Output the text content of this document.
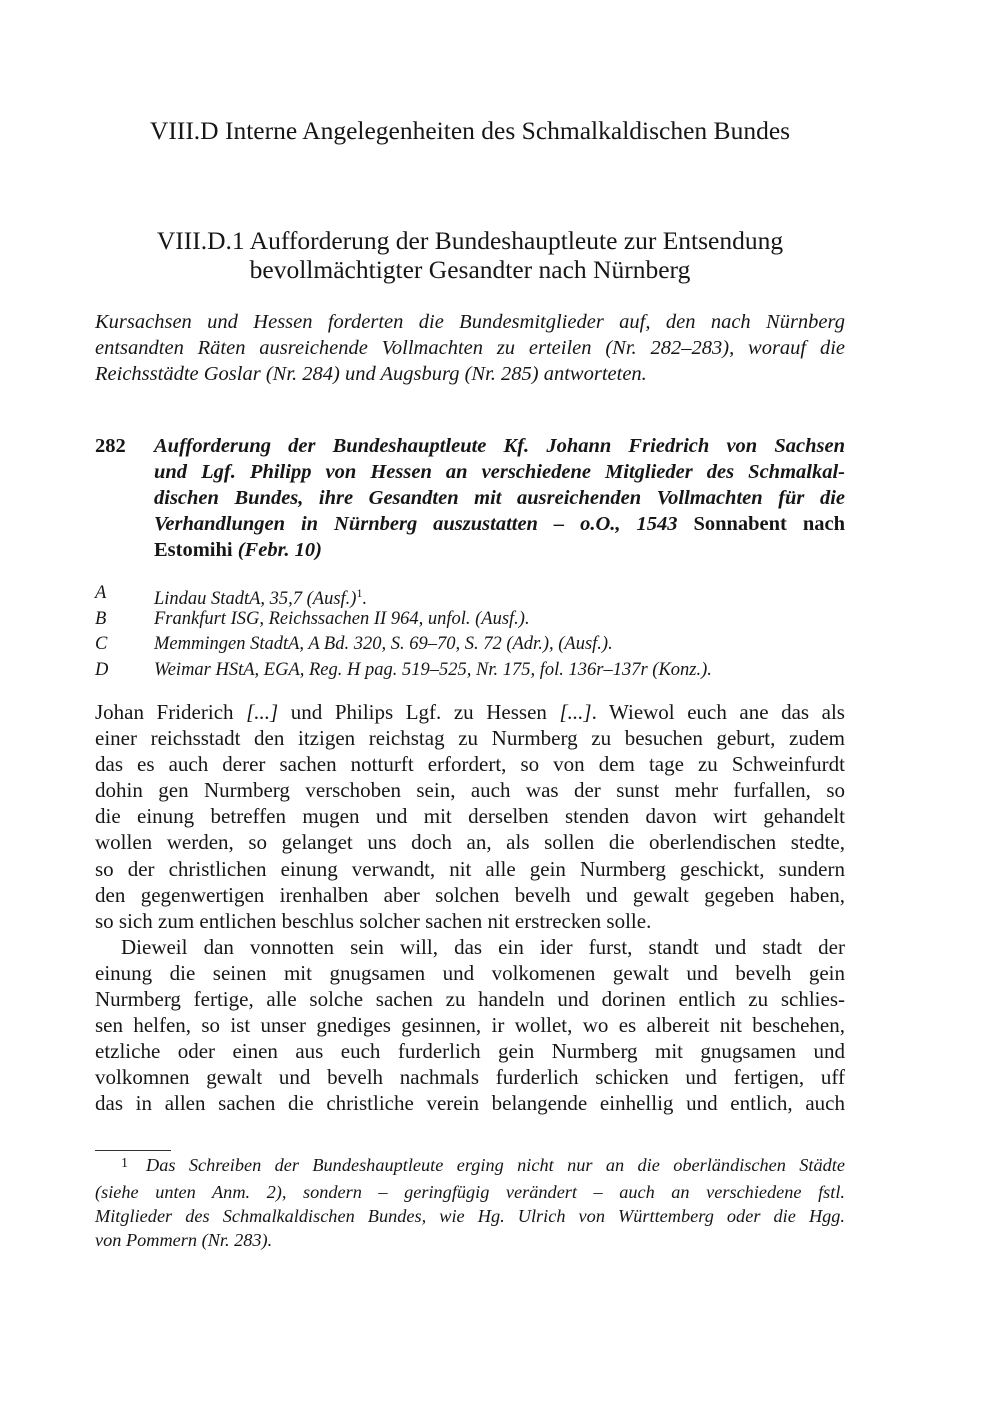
VIII.D Interne Angelegenheiten des Schmalkaldischen Bundes
VIII.D.1 Aufforderung der Bundeshauptleute zur Entsendung
bevollmächtigter Gesandter nach Nürnberg
Kursachsen und Hessen forderten die Bundesmitglieder auf, den nach Nürnberg
entsandten Räten ausreichende Vollmachten zu erteilen (Nr. 282–283), worauf die
Reichsstädte Goslar (Nr. 284) und Augsburg (Nr. 285) antworteten.
282 Aufforderung der Bundeshauptleute Kf. Johann Friedrich von Sachsen
und Lgf. Philipp von Hessen an verschiedene Mitglieder des Schmalkal-
dischen Bundes, ihre Gesandten mit ausreichenden Vollmachten für die
Verhandlungen in Nürnberg auszustatten – o.O., 1543 Sonnabent nach
Estomihi (Febr. 10)
A	Lindau StadtA, 35,7 (Ausf.)$^1$.
B	Frankfurt ISG, Reichssachen II 964, unfol. (Ausf.).
C	Memmingen StadtA, A Bd. 320, S. 69–70, S. 72 (Adr.), (Ausf.).
D Weimar HStA, EGA, Reg. H pag. 519–525, Nr. 175, fol. 136r–137r (Konz.).
Johan Friderich [...] und Philips Lgf. zu Hessen [...]. Wiewol euch ane das als
einer reichsstadt den itzigen reichstag zu Nurmberg zu besuchen geburt, zudem
das es auch derer sachen notturft erfordert, so von dem tage zu Schweinfurdt
dohin gen Nurmberg verschoben sein, auch was der sunst mehr furfallen, so
die einung betreffen mugen und mit derselben stenden davon wirt gehandelt
wollen werden, so gelanget uns doch an, als sollen die oberlendischen stedte,
so der christlichen einung verwandt, nit alle gein Nurmberg geschickt, sundern
den gegenwertigen irenhalben aber solchen bevelh und gewalt gegeben haben,
so sich zum entlichen beschlus solcher sachen nit erstrecken solle.
Dieweil dan vonnotten sein will, das ein ider furst, standt und stadt der
einung die seinen mit gnugsamen und volkomenen gewalt und bevelh gein
Nurmberg fertige, alle solche sachen zu handeln und dorinen entlich zu schlies-
sen helfen, so ist unser gnediges gesinnen, ir wollet, wo es albereit nit beschehen,
etzliche oder einen aus euch furderlich gein Nurmberg mit gnugsamen und
volkomnen gewalt und bevelh nachmals furderlich schicken und fertigen, uff
das in allen sachen die christliche verein belangende einhellig und entlich, auch
$^1$ Das Schreiben der Bundeshauptleute erging nicht nur an die oberländischen Städte
(siehe unten Anm. 2), sondern – geringfügig verändert – auch an verschiedene fstl.
Mitglieder des Schmalkaldischen Bundes, wie Hg. Ulrich von Württemberg oder die Hgg.
von Pommern (Nr. 283).
